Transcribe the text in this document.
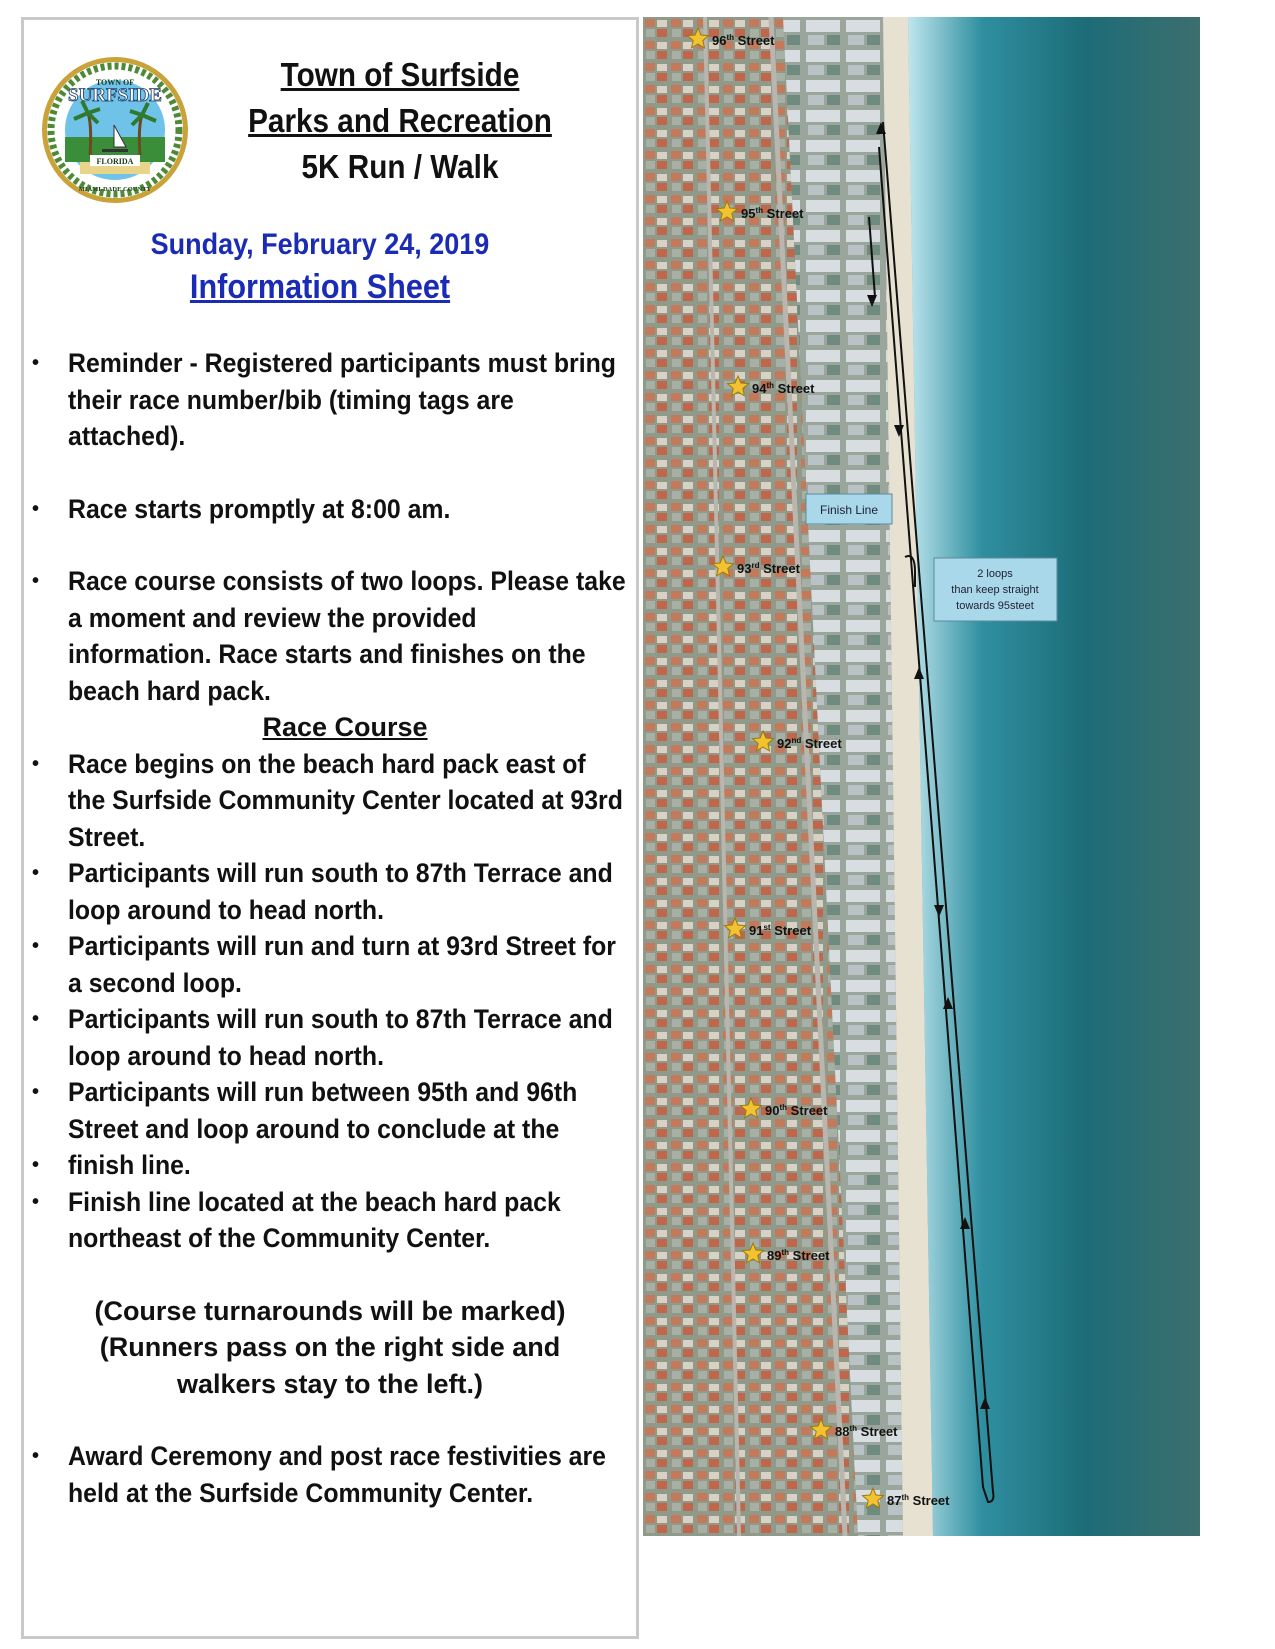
TOWN OF
SURFSIDE
FLORIDA
MIAMI-DADE COUNTY
Town of Surfside
Parks and Recreation
5K Run / Walk
Sunday, February 24, 2019
Information Sheet
• Reminder - Registered participants must bring their race number/bib (timing tags are attached).
• Race starts promptly at 8:00 am.
• Race course consists of two loops. Please take a moment and review the provided information. Race starts and finishes on the beach hard pack.
Race Course
• Race begins on the beach hard pack east of the Surfside Community Center located at 93rd Street.
• Participants will run south to 87th Terrace and loop around to head north.
• Participants will run and turn at 93rd Street for a second loop.
• Participants will run south to 87th Terrace and loop around to head north.
• Participants will run between 95th and 96th Street and loop around to conclude at the
• finish line.
• Finish line located at the beach hard pack northeast of the Community Center.
(Course turnarounds will be marked)
(Runners pass on the right side and walkers stay to the left.)
• Award Ceremony and post race festivities are held at the Surfside Community Center.
Finish Line
2 loops
than keep straight
towards 95steet
96th Street
95th Street
94th Street
93rd Street
92nd Street
91st Street
90th Street
89th Street
88th Street
87th Street
